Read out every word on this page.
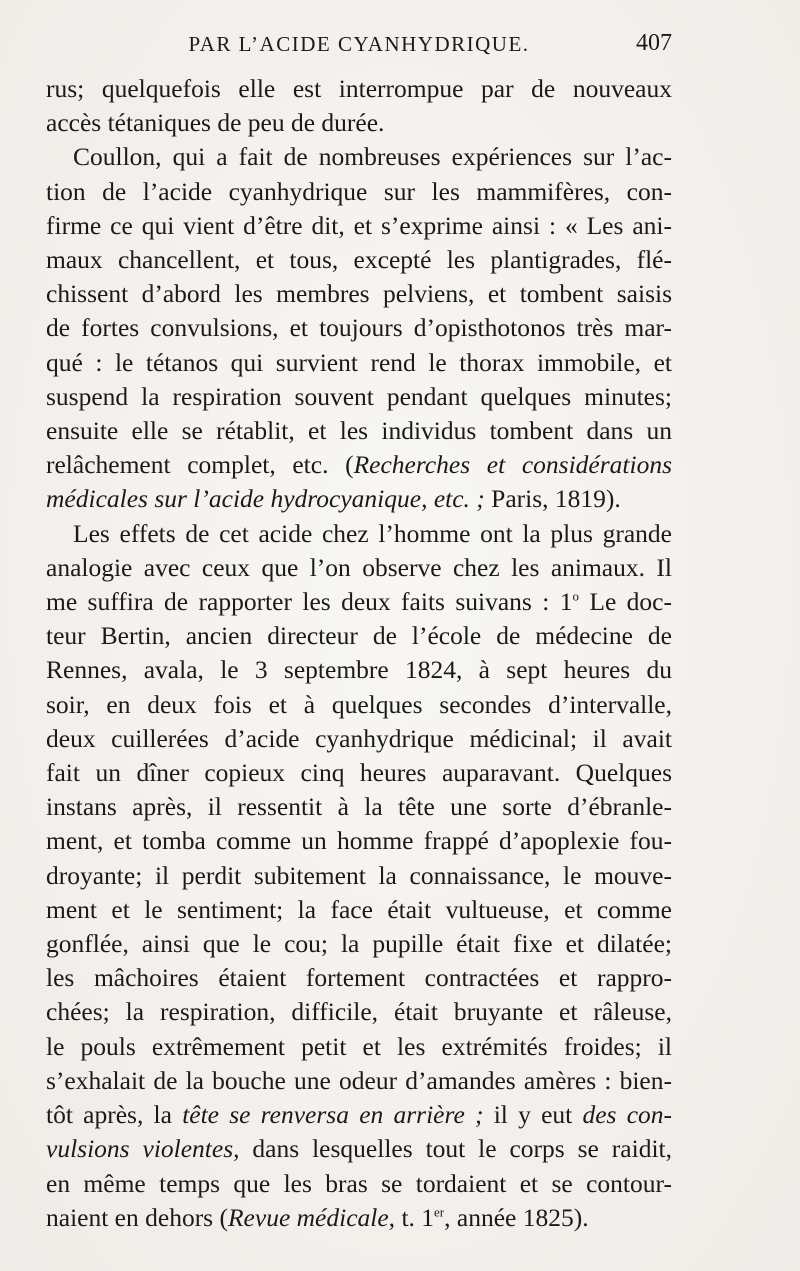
PAR L’ACIDE CYANHYDRIQUE.	407
rus; quelquefois elle est interrompue par de nouveaux
accès tétaniques de peu de durée.
Coullon, qui a fait de nombreuses expériences sur l’ac-
tion de l’acide cyanhydrique sur les mammifères, con-
firme ce qui vient d’être dit, et s’exprime ainsi : « Les ani-
maux chancellent, et tous, excepté les plantigrades, flé-
chissent d’abord les membres pelviens, et tombent saisis
de fortes convulsions, et toujours d’opisthotonos très mar-
qué : le tétanos qui survient rend le thorax immobile, et
suspend la respiration souvent pendant quelques minutes;
ensuite elle se rétablit, et les individus tombent dans un
relâchement complet, etc. (Recherches et considérations
médicales sur l’acide hydrocyanique, etc. ; Paris, 1819).
Les effets de cet acide chez l’homme ont la plus grande
analogie avec ceux que l’on observe chez les animaux. Il
me suffira de rapporter les deux faits suivans : 1$^o$ Le doc-
teur Bertin, ancien directeur de l’école de médecine de
Rennes, avala, le 3 septembre 1824, à sept heures du
soir, en deux fois et à quelques secondes d’intervalle,
deux cuillerées d’acide cyanhydrique médicinal; il avait
fait un dîner copieux cinq heures auparavant. Quelques
instans après, il ressentit à la tête une sorte d’ébranle-
ment, et tomba comme un homme frappé d’apoplexie fou-
droyante; il perdit subitement la connaissance, le mouve-
ment et le sentiment; la face était vultueuse, et comme
gonflée, ainsi que le cou; la pupille était fixe et dilatée;
les mâchoires étaient fortement contractées et rappro-
chées; la respiration, difficile, était bruyante et râleuse,
le pouls extrêmement petit et les extrémités froides; il
s’exhalait de la bouche une odeur d’amandes amères : bien-
tôt après, la tête se renversa en arrière ; il y eut des con-
vulsions violentes, dans lesquelles tout le corps se raidit,
en même temps que les bras se tordaient et se contour-
naient en dehors (Revue médicale, t. 1er, année 1825).
